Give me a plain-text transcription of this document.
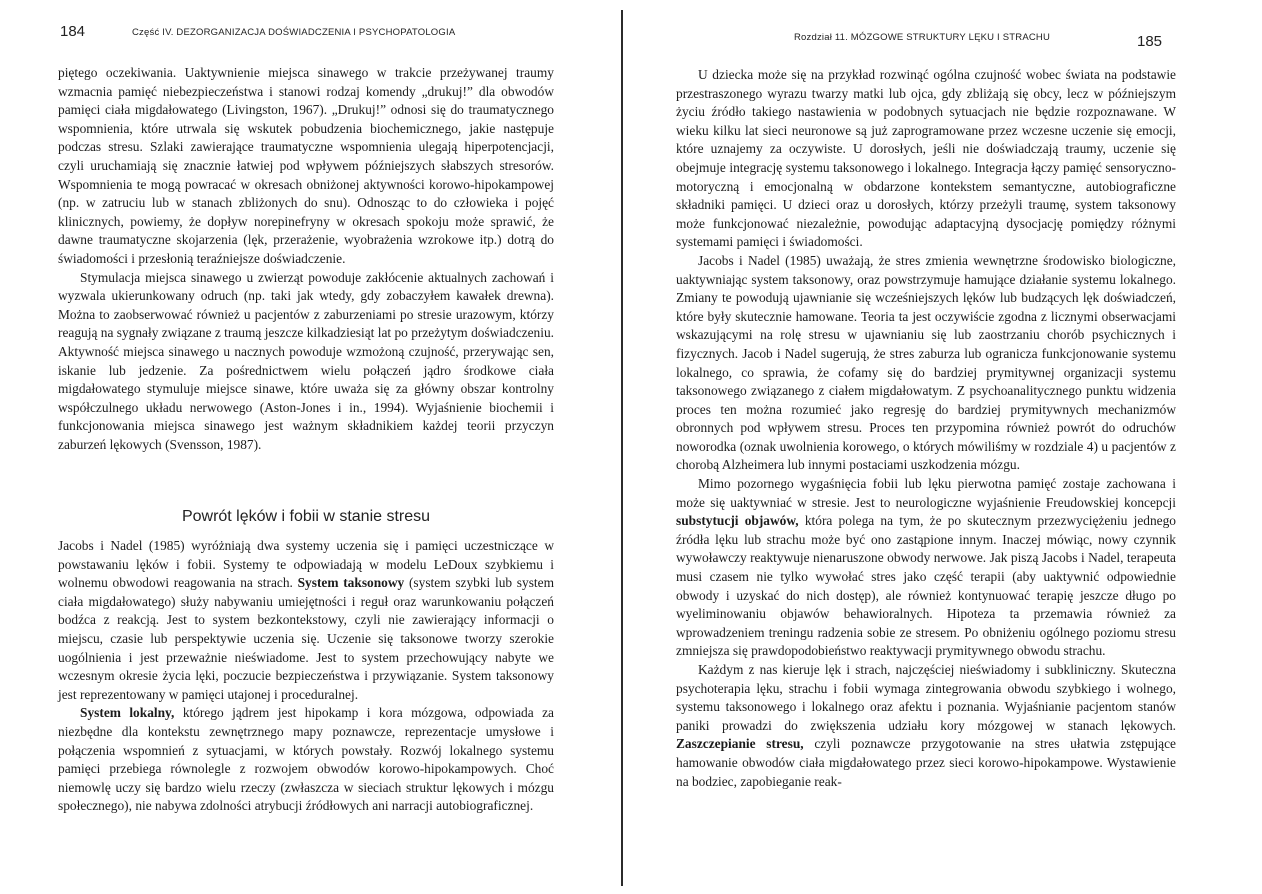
184	Część IV. DEZORGANIZACJA DOŚWIADCZENIA I PSYCHOPATOLOGIA

piętego oczekiwania. Uaktywnienie miejsca sinawego w trakcie przeżywanej traumy wzmacnia pamięć niebezpieczeństwa i stanowi rodzaj komendy „drukuj!” dla obwodów pamięci ciała migdałowatego (Livingston, 1967). „Drukuj!” odnosi się do traumatycznego wspomnienia, które utrwala się wskutek pobudzenia biochemicznego, jakie następuje podczas stresu. Szlaki zawierające traumatyczne wspomnienia ulegają hiperpotencjacji, czyli uruchamiają się znacznie łatwiej pod wpływem późniejszych słabszych stresorów. Wspomnienia te mogą powracać w okresach obniżonej aktywności korowo-hipokampowej (np. w zatruciu lub w stanach zbliżonych do snu). Odnosząc to do człowieka i pojęć klinicznych, powiemy, że dopływ norepinefryny w okresach spokoju może sprawić, że dawne traumatyczne skojarzenia (lęk, przerażenie, wyobrażenia wzrokowe itp.) dotrą do świadomości i przesłonią teraźniejsze doświadczenie.

Stymulacja miejsca sinawego u zwierząt powoduje zakłócenie aktualnych zachowań i wyzwala ukierunkowany odruch (np. taki jak wtedy, gdy zobaczyłem kawałek drewna). Można to zaobserwować również u pacjentów z zaburzeniami po stresie urazowym, którzy reagują na sygnały związane z traumą jeszcze kilkadziesiąt lat po przeżytym doświadczeniu. Aktywność miejsca sinawego u nacznych powoduje wzmożoną czujność, przerywając sen, iskanie lub jedzenie. Za pośrednictwem wielu połączeń jądro środkowe ciała migdałowatego stymuluje miejsce sinawe, które uważa się za główny obszar kontrolny współczulnego układu nerwowego (Aston-Jones i in., 1994). Wyjaśnienie biochemii i funkcjonowania miejsca sinawego jest ważnym składnikiem każdej teorii przyczyn zaburzeń lękowych (Svensson, 1987).

Powrót lęków i fobii w stanie stresu

Jacobs i Nadel (1985) wyróżniają dwa systemy uczenia się i pamięci uczestniczące w powstawaniu lęków i fobii. Systemy te odpowiadają w modelu LeDoux szybkiemu i wolnemu obwodowi reagowania na strach. System taksonowy (system szybki lub system ciała migdałowatego) służy nabywaniu umiejętności i reguł oraz warunkowaniu połączeń bodźca z reakcją. Jest to system bezkontekstowy, czyli nie zawierający informacji o miejscu, czasie lub perspektywie uczenia się. Uczenie się taksonowe tworzy szerokie uogólnienia i jest przeważnie nieświadome. Jest to system przechowujący nabyte we wczesnym okresie życia lęki, poczucie bezpieczeństwa i przywiązanie. System taksonowy jest reprezentowany w pamięci utajonej i proceduralnej.

System lokalny, którego jądrem jest hipokamp i kora mózgowa, odpowiada za niezbędne dla kontekstu zewnętrznego mapy poznawcze, reprezentacje umysłowe i połączenia wspomnień z sytuacjami, w których powstały. Rozwój lokalnego systemu pamięci przebiega równolegle z rozwojem obwodów korowo-hipokampowych. Choć niemowlę uczy się bardzo wielu rzeczy (zwłaszcza w sieciach struktur lękowych i mózgu społecznego), nie nabywa zdolności atrybucji źródłowych ani narracji autobiograficznej.

Rozdział 11. MÓZGOWE STRUKTURY LĘKU I STRACHU	185

U dziecka może się na przykład rozwinąć ogólna czujność wobec świata na podstawie przestraszonego wyrazu twarzy matki lub ojca, gdy zbliżają się obcy, lecz w późniejszym życiu źródło takiego nastawienia w podobnych sytuacjach nie będzie rozpoznawane. W wieku kilku lat sieci neuronowe są już zaprogramowane przez wczesne uczenie się emocji, które uznajemy za oczywiste. U dorosłych, jeśli nie doświadczają traumy, uczenie się obejmuje integrację systemu taksonowego i lokalnego. Integracja łączy pamięć sensoryczno-motoryczną i emocjonalną w obdarzone kontekstem semantyczne, autobiograficzne składniki pamięci. U dzieci oraz u dorosłych, którzy przeżyli traumę, system taksonowy może funkcjonować niezależnie, powodując adaptacyjną dysocjację pomiędzy różnymi systemami pamięci i świadomości.

Jacobs i Nadel (1985) uważają, że stres zmienia wewnętrzne środowisko biologiczne, uaktywniając system taksonowy, oraz powstrzymuje hamujące działanie systemu lokalnego. Zmiany te powodują ujawnianie się wcześniejszych lęków lub budzących lęk doświadczeń, które były skutecznie hamowane. Teoria ta jest oczywiście zgodna z licznymi obserwacjami wskazującymi na rolę stresu w ujawnianiu się lub zaostrzaniu chorób psychicznych i fizycznych. Jacob i Nadel sugerują, że stres zaburza lub ogranicza funkcjonowanie systemu lokalnego, co sprawia, że cofamy się do bardziej prymitywnej organizacji systemu taksonowego związanego z ciałem migdałowatym. Z psychoanalitycznego punktu widzenia proces ten można rozumieć jako regresję do bardziej prymitywnych mechanizmów obronnych pod wpływem stresu. Proces ten przypomina również powrót do odruchów noworodka (oznak uwolnienia korowego, o których mówiliśmy w rozdziale 4) u pacjentów z chorobą Alzheimera lub innymi postaciami uszkodzenia mózgu.

Mimo pozornego wygaśnięcia fobii lub lęku pierwotna pamięć zostaje zachowana i może się uaktywniać w stresie. Jest to neurologiczne wyjaśnienie Freudowskiej koncepcji substytucji objawów, która polega na tym, że po skutecznym przezwyciężeniu jednego źródła lęku lub strachu może być ono zastąpione innym. Inaczej mówiąc, nowy czynnik wywoławczy reaktywuje nienaruszone obwody nerwowe. Jak piszą Jacobs i Nadel, terapeuta musi czasem nie tylko wywołać stres jako część terapii (aby uaktywnić odpowiednie obwody i uzyskać do nich dostęp), ale również kontynuować terapię jeszcze długo po wyeliminowaniu objawów behawioralnych. Hipoteza ta przemawia również za wprowadzeniem treningu radzenia sobie ze stresem. Po obniżeniu ogólnego poziomu stresu zmniejsza się prawdopodobieństwo reaktywacji prymitywnego obwodu strachu.

Każdym z nas kieruje lęk i strach, najczęściej nieświadomy i subkliniczny. Skuteczna psychoterapia lęku, strachu i fobii wymaga zintegrowania obwodu szybkiego i wolnego, systemu taksonowego i lokalnego oraz afektu i poznania. Wyjaśnianie pacjentom stanów paniki prowadzi do zwiększenia udziału kory mózgowej w stanach lękowych. Zaszczepianie stresu, czyli poznawcze przygotowanie na stres ułatwia zstępujące hamowanie obwodów ciała migdałowatego przez sieci korowo-hipokampowe. Wystawienie na bodziec, zapobieganie reak-
